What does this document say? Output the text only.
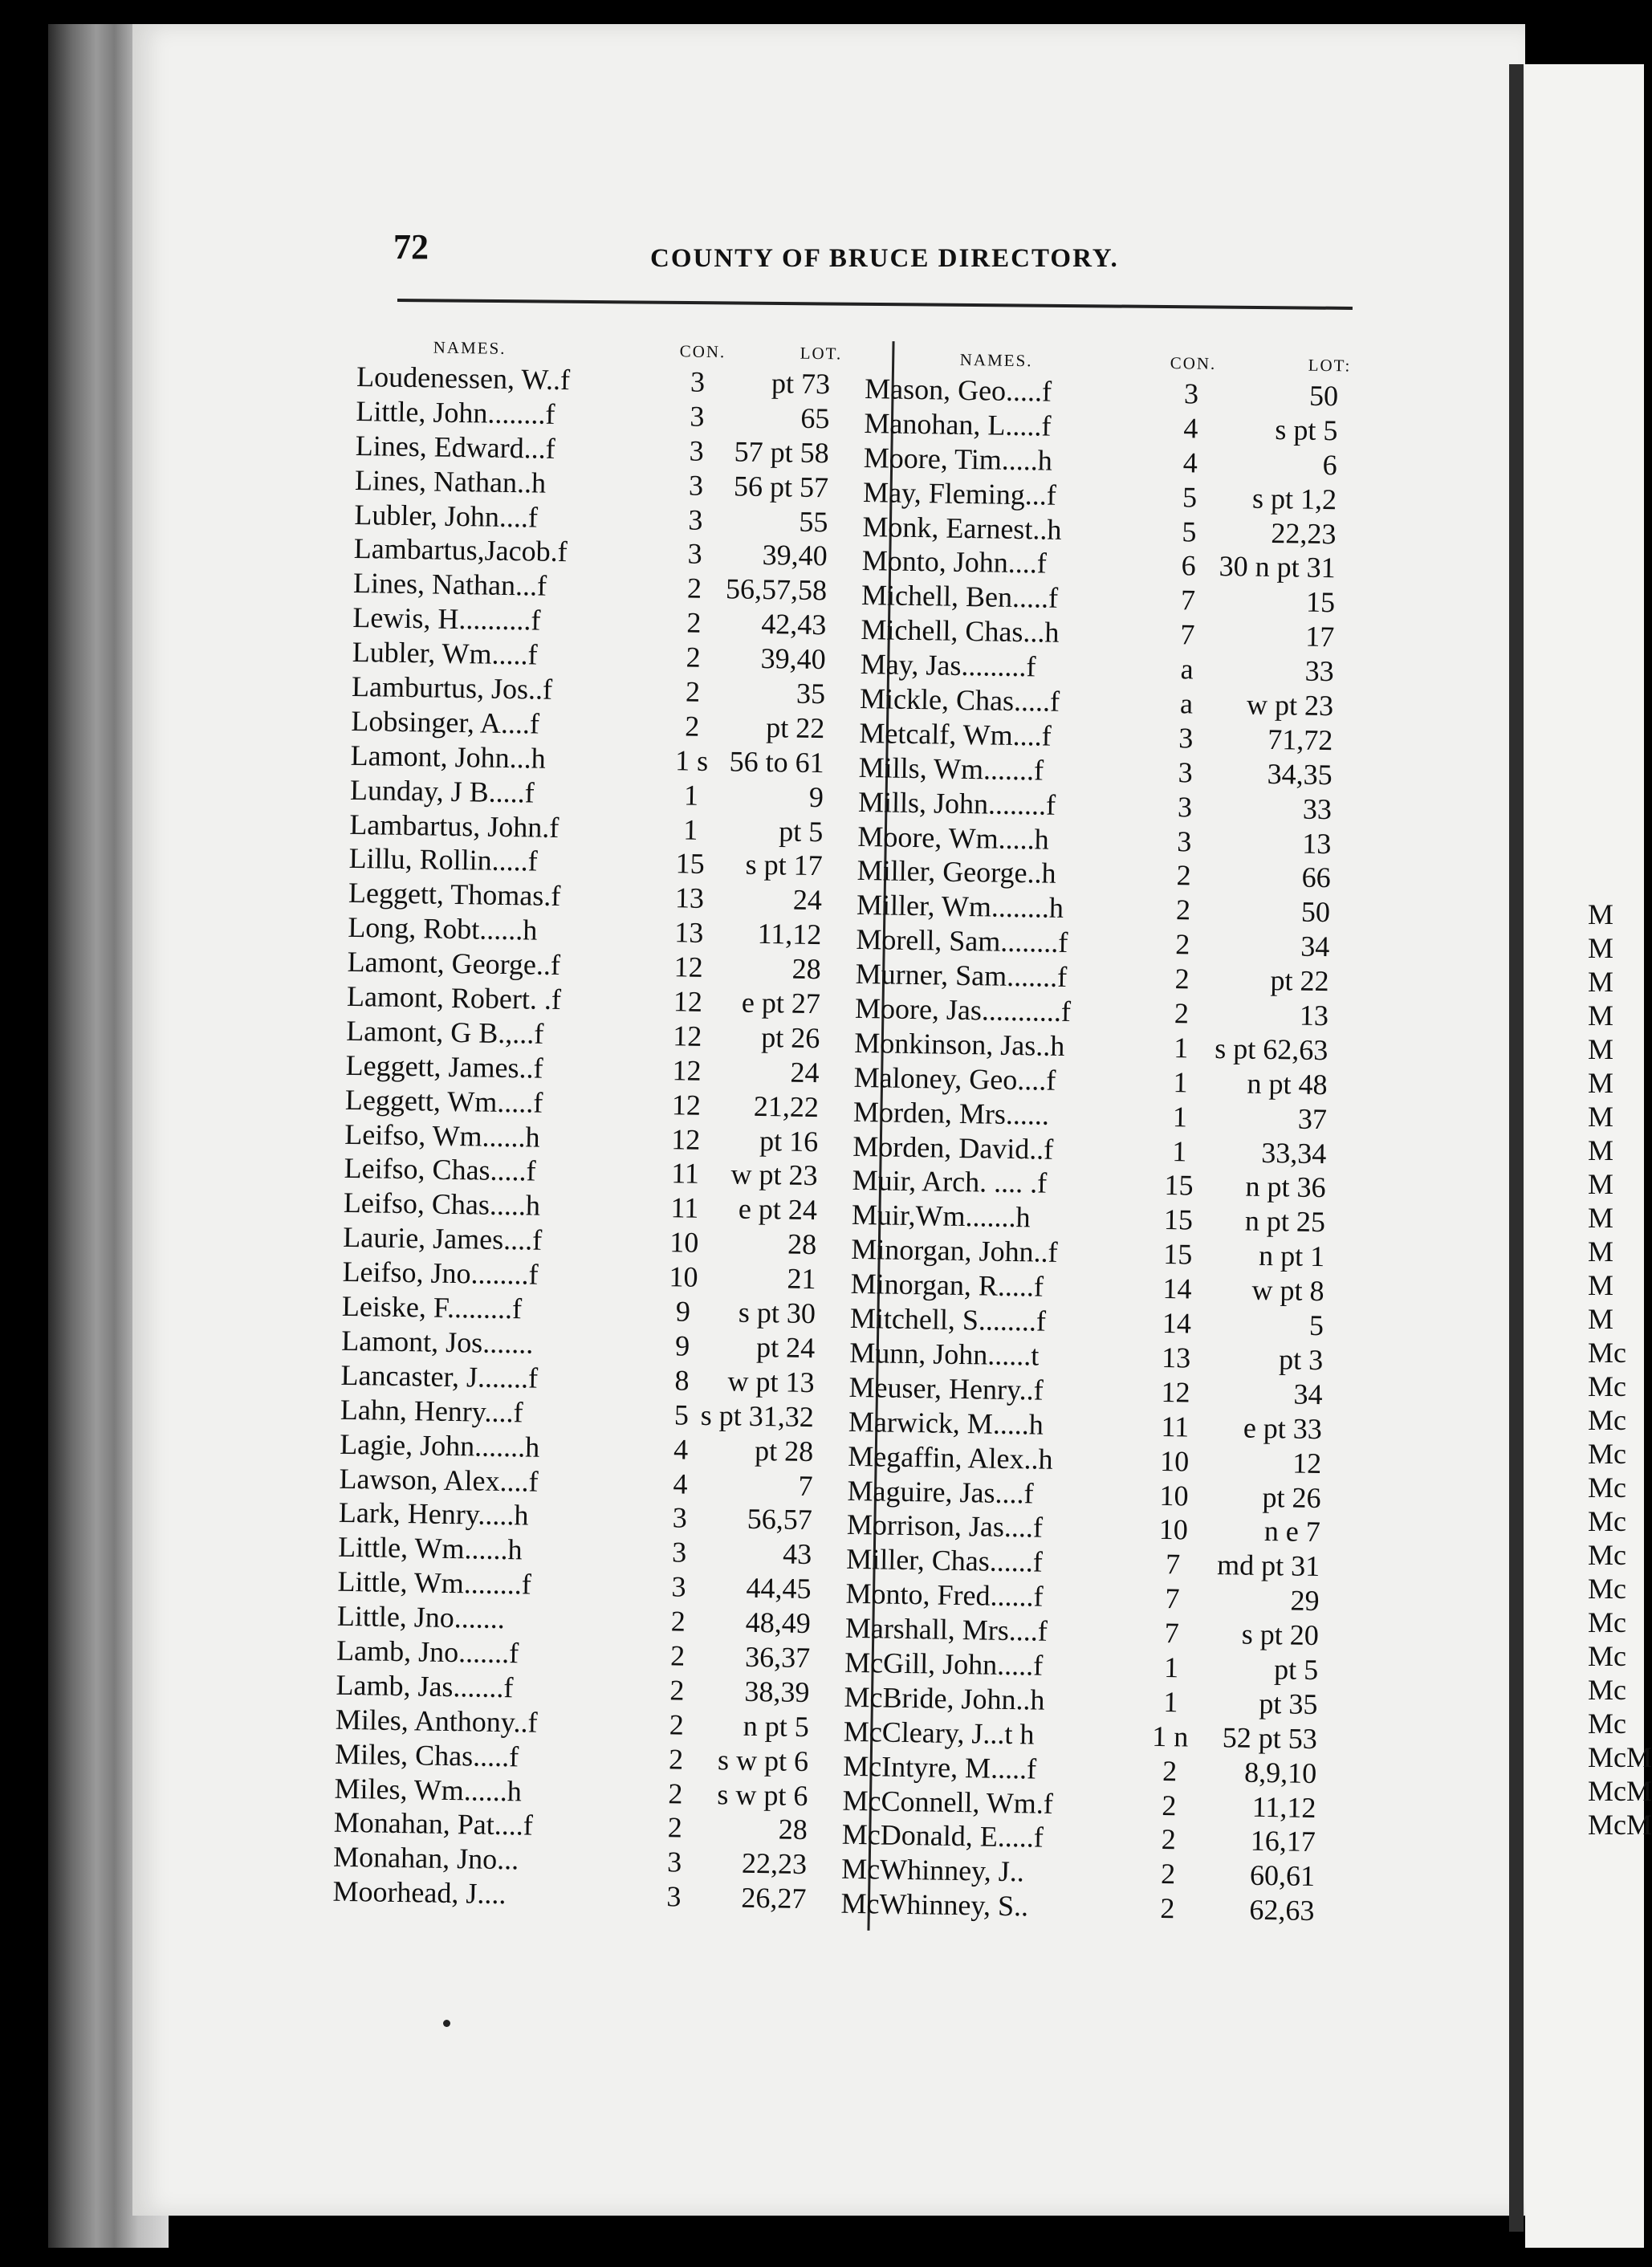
M
M
M
M
M
M
M
M
M
M
M
M
M
Mc
Mc
Mc
Mc
Mc
Mc
Mc
Mc
Mc
Mc
Mc
Mc
McM
McM
McM
72	COUNTY OF BRUCE DIRECTORY.
NAMES.	CON.	LOT.
Loudenessen, W..f	3	pt 73
Little, John........f	3	65
Lines, Edward...f	3	57 pt 58
Lines, Nathan..h	3	56 pt 57
Lubler, John....f	3	55
Lambartus,Jacob.f	3	39,40
Lines, Nathan...f	2 56,57,58
Lewis, H..........f	2	42,43
Lubler, Wm.....f	2	39,40
Lamburtus, Jos..f	2	35
Lobsinger, A....f	2	pt 22
Lamont, John...h	1 s 56 to 61
Lunday, J B.....f	1	9
Lambartus, John.f	1	pt 5
Lillu, Rollin.....f	15	s pt 17
Leggett, Thomas.f	13	24
Long, Robt......h	13	11,12
Lamont, George..f	12	28
Lamont, Robert. .f	12	e pt 27
Lamont, G B.,...f	12	pt 26
Leggett, James..f	12	24
Leggett, Wm.....f	12	21,22
Leifso, Wm......h	12	pt 16
Leifso, Chas.....f	11	w pt 23
Leifso, Chas.....h	11	e pt 24
Laurie, James....f	10	28
Leifso, Jno........f	10	21
Leiske, F.........f	9	s pt 30
Lamont, Jos.......	9	pt 24
Lancaster, J.......f	8	w pt 13
Lahn, Henry....f	5 s pt 31,32
Lagie, John.......h	4	pt 28
Lawson, Alex....f	4	7
Lark, Henry.....h	3	56,57
Little, Wm......h	3	43
Little, Wm........f	3	44,45
Little, Jno.......	2	48,49
Lamb, Jno.......f	2	36,37
Lamb, Jas.......f	2	38,39
Miles, Anthony..f	2	n pt 5
Miles, Chas.....f	2	s w pt 6
Miles, Wm......h	2	s w pt 6
Monahan, Pat....f	2	28
Monahan, Jno...	3	22,23
Moorhead, J....	3	26,27
NAMES.	CON.	LOT:
Mason, Geo.....f	3	50
Manohan, L.....f	4	s pt 5
Moore, Tim.....h	4	6
May, Fleming...f	5	s pt 1,2
Monk, Earnest..h	5	22,23
Monto, John....f	6 30 n pt 31
Michell, Ben.....f	7	15
Michell, Chas...h	7	17
May, Jas.........f	a	33
Mickle, Chas.....f	a	w pt 23
Metcalf, Wm....f	3	71,72
Mills, Wm.......f	3	34,35
Mills, John........f	3	33
Moore, Wm.....h	3	13
Miller, George..h	2	66
Miller, Wm........h	2	50
Morell, Sam........f	2	34
Murner, Sam.......f	2	pt 22
Moore, Jas...........f	2	13
Monkinson, Jas..h	1 s pt 62,63
Maloney, Geo....f	1	n pt 48
Morden, Mrs......	1	37
Morden, David..f	1	33,34
Muir, Arch. .... .f	15	n pt 36
Muir,Wm.......h	15	n pt 25
Minorgan, John..f	15	n pt 1
Minorgan, R.....f	14	w pt 8
Mitchell, S........f	14	5
Munn, John......t	13	pt 3
Meuser, Henry..f	12	34
Marwick, M.....h	11	e pt 33
Megaffin, Alex..h	10	12
Maguire, Jas....f	10	pt 26
Morrison, Jas....f	10	n e 7
Miller, Chas......f	7	md pt 31
Monto, Fred......f	7	29
Marshall, Mrs....f	7	s pt 20
McGill, John.....f	1	pt 5
McBride, John..h	1	pt 35
McCleary, J...t h	1 n	52 pt 53
McIntyre, M.....f	2	8,9,10
McConnell, Wm.f	2	11,12
McDonald, E.....f	2	16,17
McWhinney, J..	2	60,61
McWhinney, S..	2	62,63
